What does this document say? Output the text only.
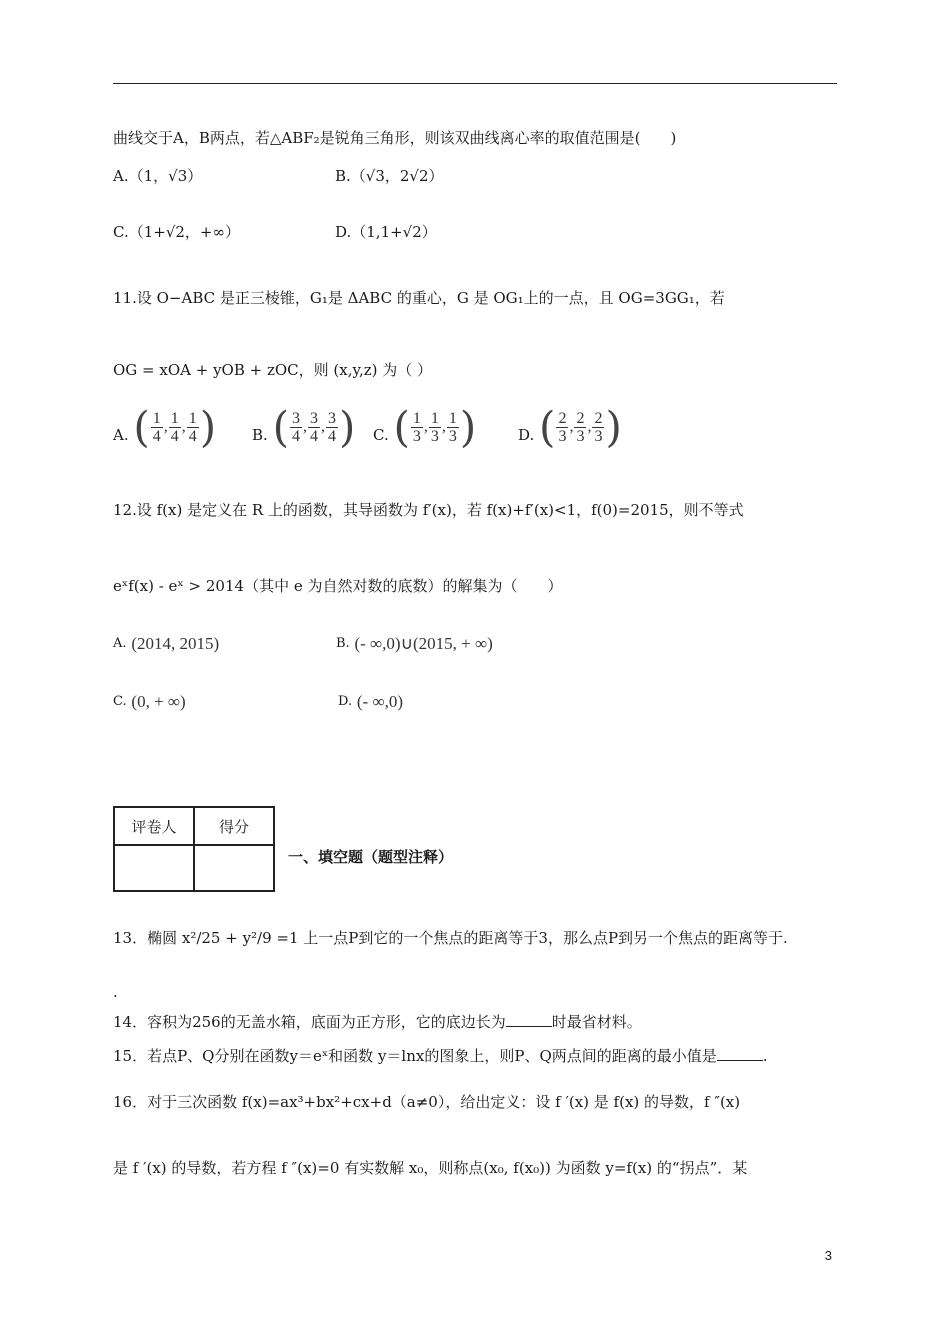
曲线交于A，B两点，若△ABF₂是锐角三角形，则该双曲线离心率的取值范围是(　　)
A.（1，√3）	B.（√3，2√2）
C.（1+√2，+∞）	D.（1,1+√2）
11.设 O−ABC 是正三棱锥，G₁是 ΔABC 的重心，G 是 OG₁上的一点，且 OG=3GG₁，若
OG = xOA + yOB + zOC，则 (x,y,z) 为（ ）
A. ( $\frac{1}{4}$ , $\frac{1}{4}$ , $\frac{1}{4}$ ) B. ( $\frac{3}{4}$ , $\frac{3}{4}$ , $\frac{3}{4}$ ) C. ( $\frac{1}{3}$ , $\frac{1}{3}$ , $\frac{1}{3}$ )	D. ( $\frac{2}{3}$ , $\frac{2}{3}$ , $\frac{2}{3}$ )
12.设 f(x) 是定义在 R 上的函数，其导函数为 f′(x)，若 f(x)+f′(x)<1，f(0)=2015，则不等式
eˣf(x) - eˣ > 2014（其中 e 为自然对数的底数）的解集为（　　）
A. (2014, 2015)	B. (- ∞,0)∪(2015, + ∞)
C. (0, + ∞)	D. (- ∞,0)
评卷人	得分

一、填空题（题型注释）
13．椭圆 x²/25 + y²/9 =1 上一点P到它的一个焦点的距离等于3，那么点P到另一个焦点的距离等于.
.
14．容积为256的无盖水箱，底面为正方形，它的底边长为	时最省材料。
15．若点P、Q分别在函数y＝eˣ和函数 y＝lnx的图象上，则P、Q两点间的距离的最小值是	.
16．对于三次函数 f(x)=ax³+bx²+cx+d（a≠0），给出定义：设 f ′(x) 是 f(x) 的导数，f ″(x)
是 f ′(x) 的导数，若方程 f ″(x)=0 有实数解 x₀，则称点(x₀, f(x₀)) 为函数 y=f(x) 的“拐点”．某
3
